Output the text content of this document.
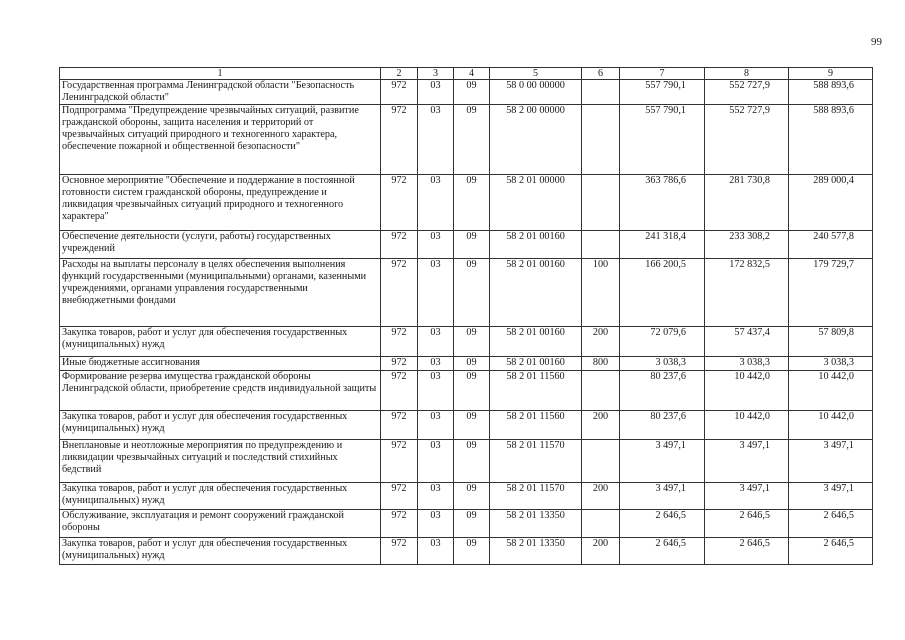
99
1	2	3	4	5	6	7	8	9
Государственная программа Ленинградской области "Безопасность Ленинградской области"	972	03	09	58 0 00 00000		557 790,1	552 727,9	588 893,6
Подпрограмма "Предупреждение чрезвычайных ситуаций, развитие гражданской обороны, защита населения и территорий от чрезвычайных ситуаций природного и техногенного характера, обеспечение пожарной и общественной безопасности"	972	03	09	58 2 00 00000		557 790,1	552 727,9	588 893,6
Основное мероприятие "Обеспечение и поддержание в постоянной готовности систем гражданской обороны, предупреждение и ликвидация чрезвычайных ситуаций природного и техногенного характера"	972	03	09	58 2 01 00000		363 786,6	281 730,8	289 000,4
Обеспечение деятельности (услуги, работы) государственных учреждений	972	03	09	58 2 01 00160		241 318,4	233 308,2	240 577,8
Расходы на выплаты персоналу в целях обеспечения выполнения функций государственными (муниципальными) органами, казенными учреждениями, органами управления государственными внебюджетными фондами	972	03	09	58 2 01 00160	100	166 200,5	172 832,5	179 729,7
Закупка товаров, работ и услуг для обеспечения государственных (муниципальных) нужд	972	03	09	58 2 01 00160	200	72 079,6	57 437,4	57 809,8
Иные бюджетные ассигнования	972	03	09	58 2 01 00160	800	3 038,3	3 038,3	3 038,3
Формирование резерва имущества гражданской обороны Ленинградской области, приобретение средств индивидуальной защиты	972	03	09	58 2 01 11560		80 237,6	10 442,0	10 442,0
Закупка товаров, работ и услуг для обеспечения государственных (муниципальных) нужд	972	03	09	58 2 01 11560	200	80 237,6	10 442,0	10 442,0
Внеплановые и неотложные мероприятия по предупреждению и ликвидации чрезвычайных ситуаций и последствий стихийных бедствий	972	03	09	58 2 01 11570		3 497,1	3 497,1	3 497,1
Закупка товаров, работ и услуг для обеспечения государственных (муниципальных) нужд	972	03	09	58 2 01 11570	200	3 497,1	3 497,1	3 497,1
Обслуживание, эксплуатация и ремонт сооружений гражданской обороны	972	03	09	58 2 01 13350		2 646,5	2 646,5	2 646,5
Закупка товаров, работ и услуг для обеспечения государственных (муниципальных) нужд	972	03	09	58 2 01 13350	200	2 646,5	2 646,5	2 646,5
